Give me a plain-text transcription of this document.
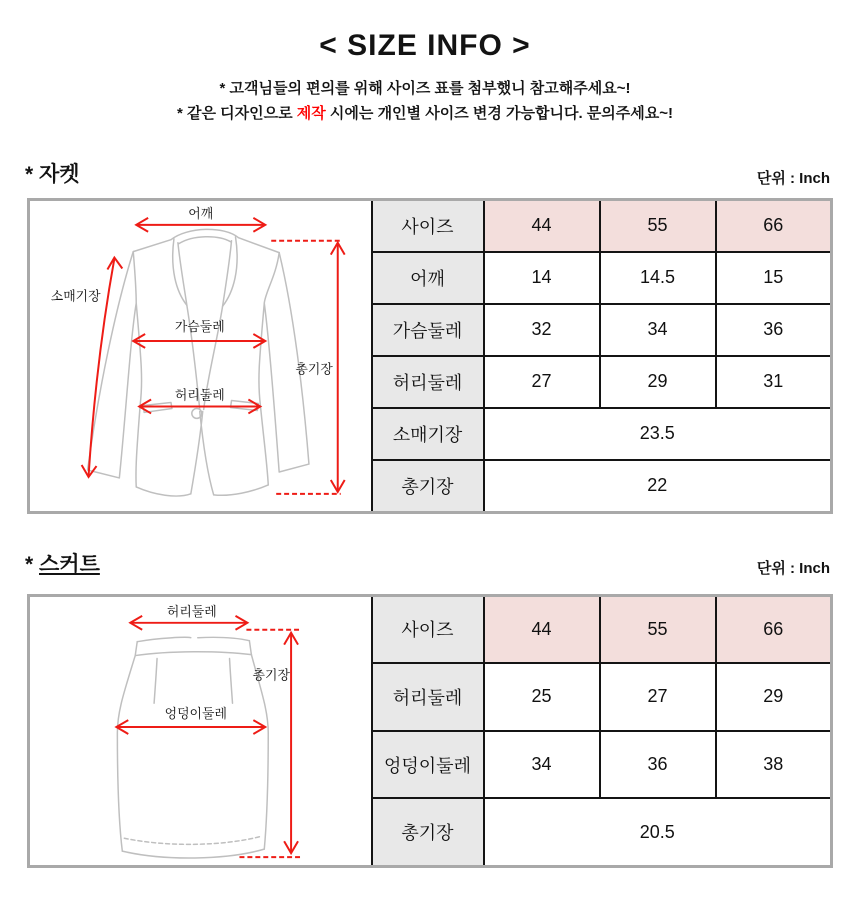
< SIZE INFO >
* 고객님들의 편의를 위해 사이즈 표를 첨부했니 참고해주세요~!
* 같은 디자인으로 제작 시에는 개인별 사이즈 변경 가능합니다. 문의주세요~!
* 자켓	단위 : Inch
어깨
소매기장
가슴둘레
허리둘레
총기장	사이즈	44	55	66
	어깨	14	14.5	15
	가슴둘레	32	34	36
	허리둘레	27	29	31
	소매기장	23.5		
	총기장	22		
* 스커트	단위 : Inch
허리둘레
엉덩이둘레
총기장	사이즈	44	55	66
	허리둘레	25	27	29
	엉덩이둘레	34	36	38
	총기장	20.5		
